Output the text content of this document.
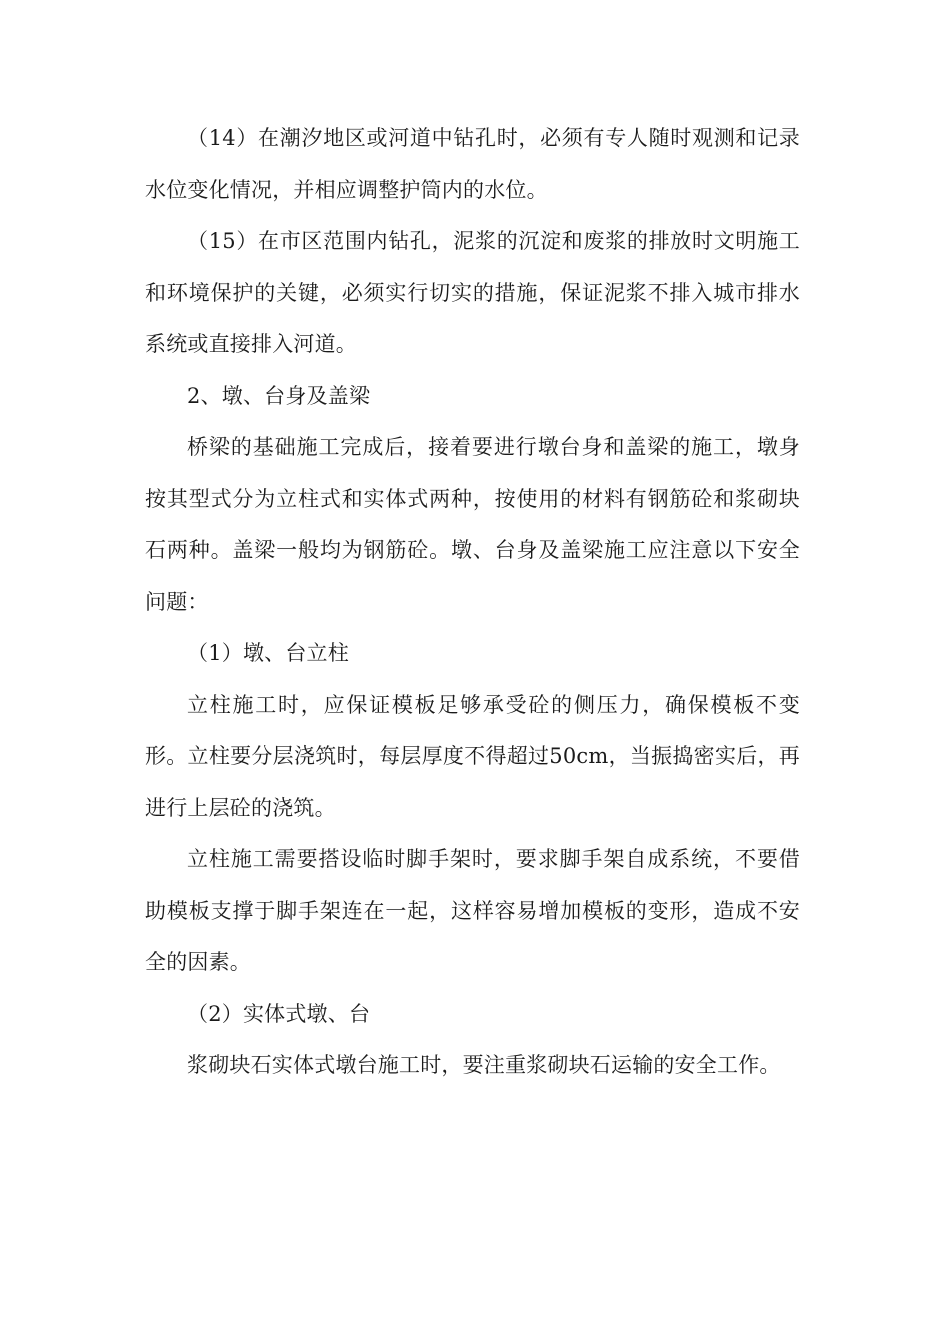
（14）在潮汐地区或河道中钻孔时，必须有专人随时观测和记录水位变化情况，并相应调整护筒内的水位。

（15）在市区范围内钻孔，泥浆的沉淀和废浆的排放时文明施工和环境保护的关键，必须实行切实的措施，保证泥浆不排入城市排水系统或直接排入河道。

2、墩、台身及盖梁

桥梁的基础施工完成后，接着要进行墩台身和盖梁的施工，墩身按其型式分为立柱式和实体式两种，按使用的材料有钢筋砼和浆砌块石两种。盖梁一般均为钢筋砼。墩、台身及盖梁施工应注意以下安全问题：

（1）墩、台立柱

立柱施工时，应保证模板足够承受砼的侧压力，确保模板不变形。立柱要分层浇筑时，每层厚度不得超过50cm，当振捣密实后，再进行上层砼的浇筑。

立柱施工需要搭设临时脚手架时，要求脚手架自成系统，不要借助模板支撑于脚手架连在一起，这样容易增加模板的变形，造成不安全的因素。

（2）实体式墩、台

浆砌块石实体式墩台施工时，要注重浆砌块石运输的安全工作。
